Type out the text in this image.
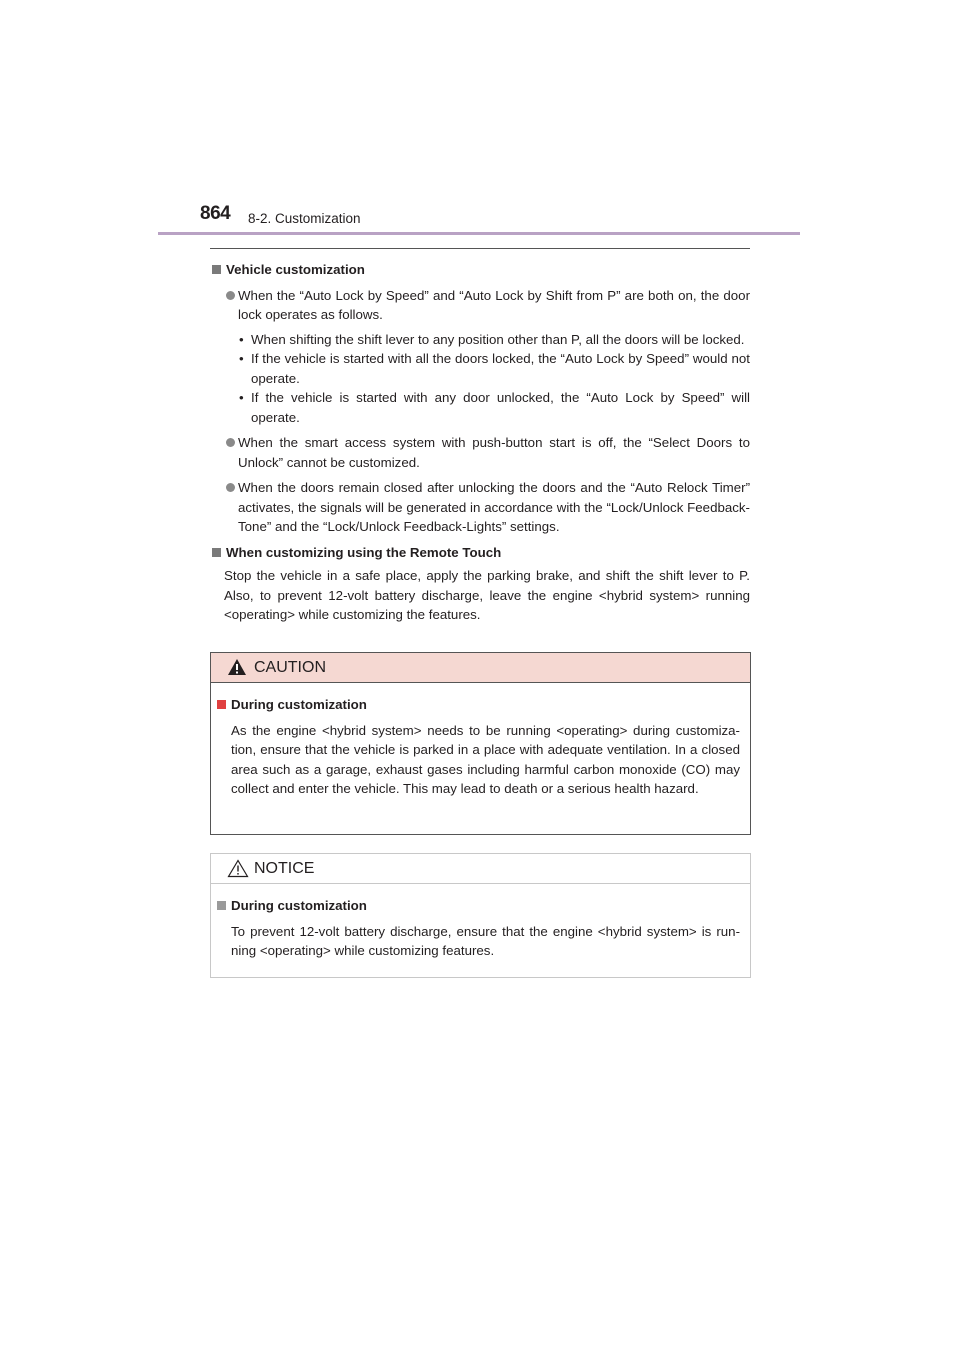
864 8-2. Customization

Vehicle customization

When the “Auto Lock by Speed” and “Auto Lock by Shift from P” are both on, the door lock operates as follows.

• When shifting the shift lever to any position other than P, all the doors will be locked.

• If the vehicle is started with all the doors locked, the “Auto Lock by Speed” would not operate.

• If the vehicle is started with any door unlocked, the “Auto Lock by Speed” will operate.

When the smart access system with push-button start is off, the “Select Doors to Unlock” cannot be customized.

When the doors remain closed after unlocking the doors and the “Auto Relock Timer” activates, the signals will be generated in accordance with the “Lock/Unlock Feedback-Tone” and the “Lock/Unlock Feedback-Lights” settings.

When customizing using the Remote Touch

Stop the vehicle in a safe place, apply the parking brake, and shift the shift lever to P. Also, to prevent 12-volt battery discharge, leave the engine <hybrid system> running <operating> while customizing the features.

CAUTION

During customization

As the engine <hybrid system> needs to be running <operating> during customiza-tion, ensure that the vehicle is parked in a place with adequate ventilation. In a closed area such as a garage, exhaust gases including harmful carbon monoxide (CO) may collect and enter the vehicle. This may lead to death or a serious health hazard.

NOTICE

During customization

To prevent 12-volt battery discharge, ensure that the engine <hybrid system> is run-ning <operating> while customizing features.
